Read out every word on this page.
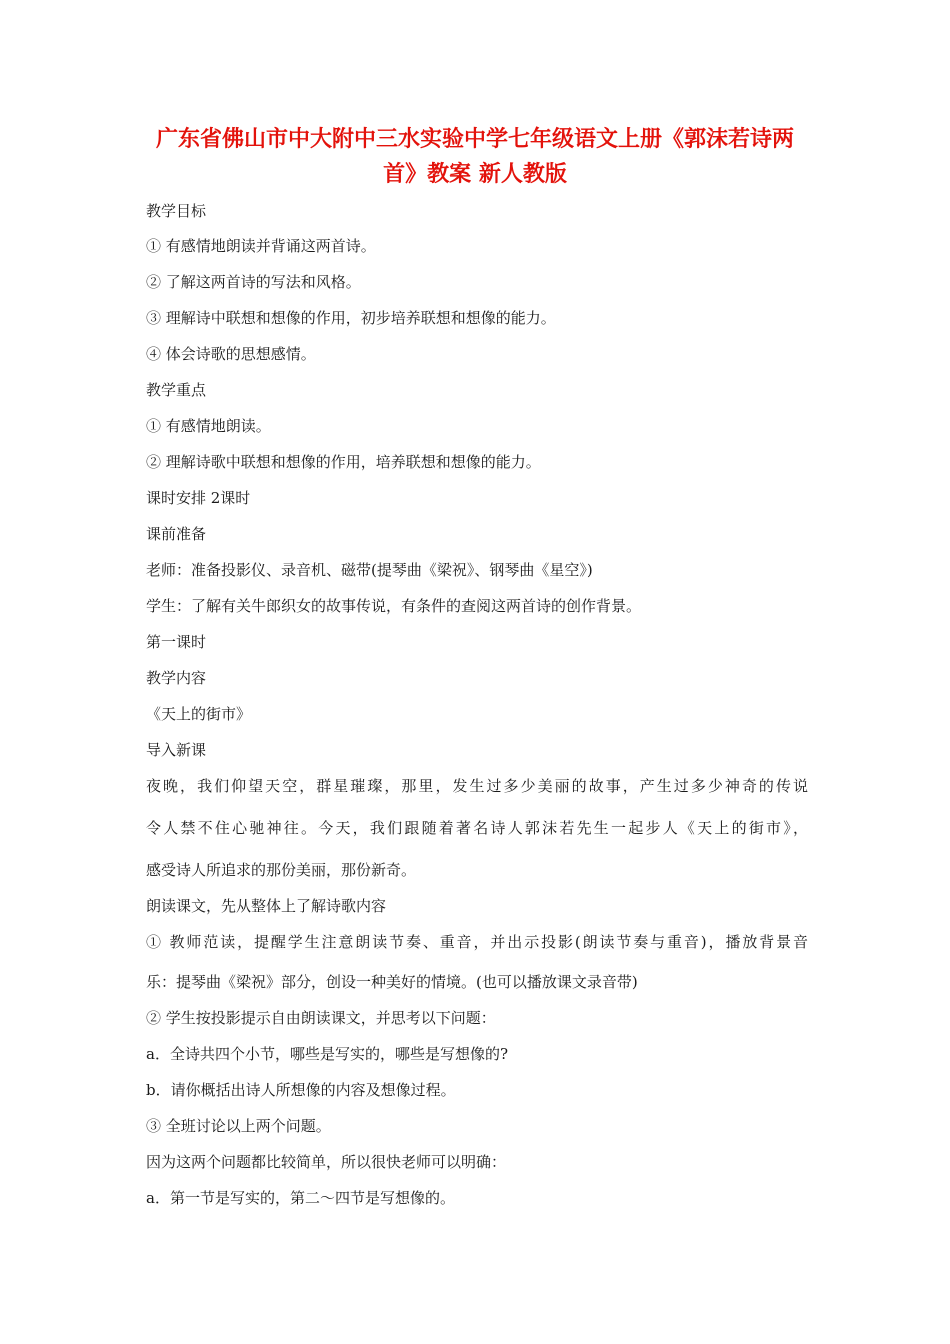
广东省佛山市中大附中三水实验中学七年级语文上册《郭沫若诗两
首》教案 新人教版
教学目标
① 有感情地朗读并背诵这两首诗。
② 了解这两首诗的写法和风格。
③ 理解诗中联想和想像的作用，初步培养联想和想像的能力。
④ 体会诗歌的思想感情。
教学重点
① 有感情地朗读。
② 理解诗歌中联想和想像的作用，培养联想和想像的能力。
课时安排 2课时
课前准备
老师：准备投影仪、录音机、磁带(提琴曲《梁祝》、钢琴曲《星空》)
学生：了解有关牛郎织女的故事传说，有条件的查阅这两首诗的创作背景。
第一课时
教学内容
《天上的街市》
导入新课
夜晚，我们仰望天空，群星璀璨，那里，发生过多少美丽的故事，产生过多少神奇的传说
令人禁不住心驰神往。今天，我们跟随着著名诗人郭沫若先生一起步人《天上的街市》，
感受诗人所追求的那份美丽，那份新奇。
朗读课文，先从整体上了解诗歌内容
① 教师范读，提醒学生注意朗读节奏、重音，并出示投影(朗读节奏与重音)，播放背景音
乐：提琴曲《梁祝》部分，创设一种美好的情境。(也可以播放课文录音带)
② 学生按投影提示自由朗读课文，并思考以下问题：
a．全诗共四个小节，哪些是写实的，哪些是写想像的?
b．请你概括出诗人所想像的内容及想像过程。
③ 全班讨论以上两个问题。
因为这两个问题都比较简单，所以很快老师可以明确：
a．第一节是写实的，第二～四节是写想像的。
